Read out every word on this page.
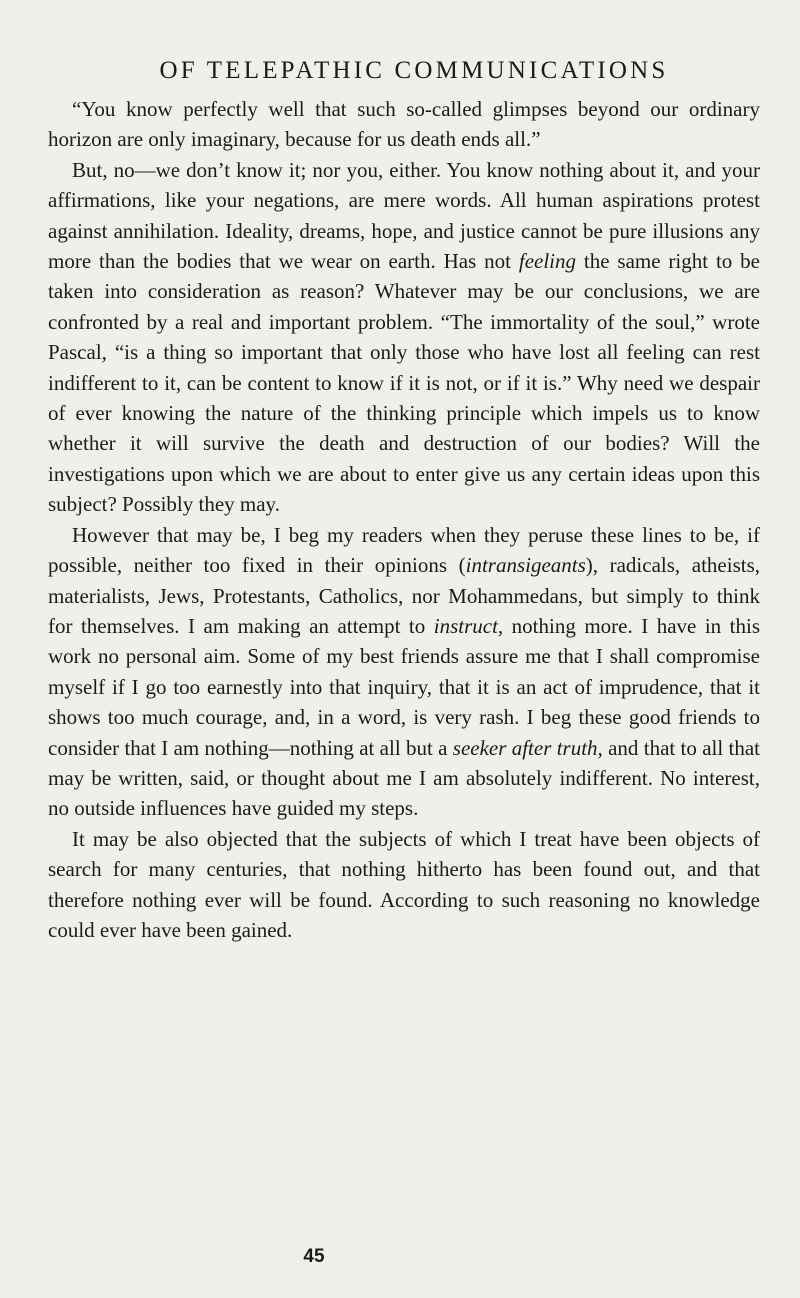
OF TELEPATHIC COMMUNICATIONS

“You know perfectly well that such so-called glimpses beyond our ordinary horizon are only imaginary, because for us death ends all.”

But, no—we don’t know it; nor you, either. You know nothing about it, and your affirmations, like your negations, are mere words. All human aspirations protest against annihilation. Ideality, dreams, hope, and justice cannot be pure illusions any more than the bodies that we wear on earth. Has not feeling the same right to be taken into consideration as reason? Whatever may be our conclusions, we are confronted by a real and important problem. “The immortality of the soul,” wrote Pascal, “is a thing so important that only those who have lost all feeling can rest indifferent to it, can be content to know if it is not, or if it is.” Why need we despair of ever knowing the nature of the thinking principle which impels us to know whether it will survive the death and destruction of our bodies? Will the investigations upon which we are about to enter give us any certain ideas upon this subject? Possibly they may.

However that may be, I beg my readers when they peruse these lines to be, if possible, neither too fixed in their opinions (intransigeants), radicals, atheists, materialists, Jews, Protestants, Catholics, nor Mohammedans, but simply to think for themselves. I am making an attempt to instruct, nothing more. I have in this work no personal aim. Some of my best friends assure me that I shall compromise myself if I go too earnestly into that inquiry, that it is an act of imprudence, that it shows too much courage, and, in a word, is very rash. I beg these good friends to consider that I am nothing—nothing at all but a seeker after truth, and that to all that may be written, said, or thought about me I am absolutely indifferent. No interest, no outside influences have guided my steps.

It may be also objected that the subjects of which I treat have been objects of search for many centuries, that nothing hitherto has been found out, and that therefore nothing ever will be found. According to such reasoning no knowledge could ever have been gained.

45
